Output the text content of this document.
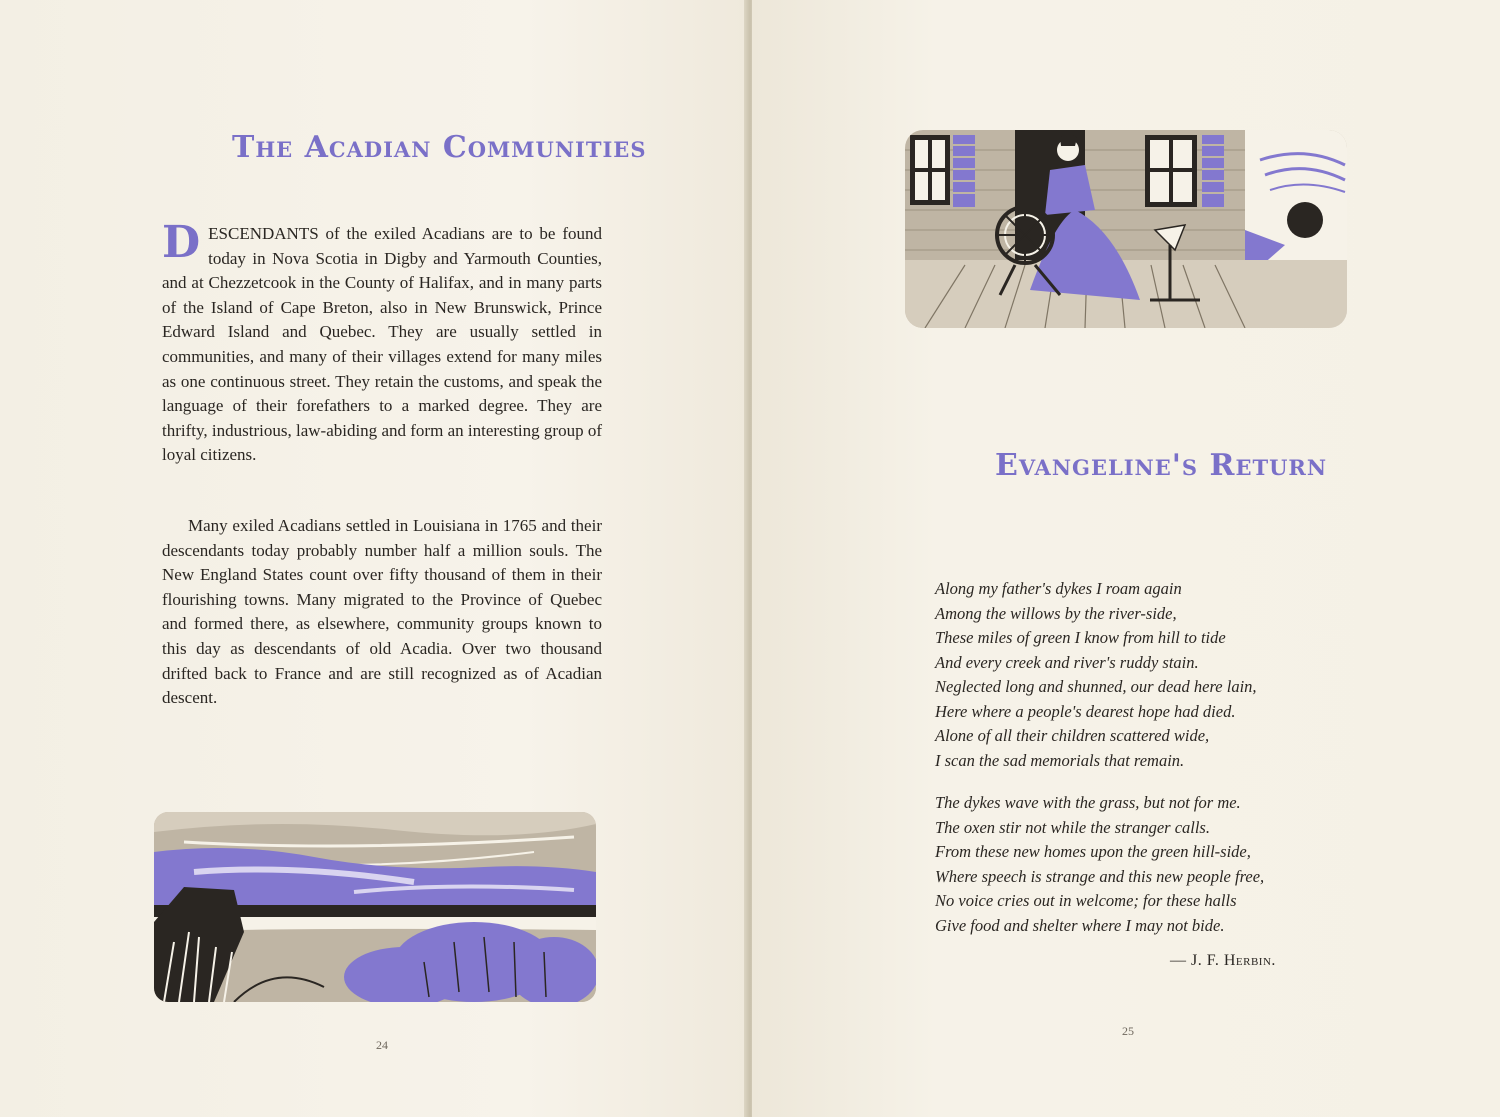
The Acadian Communities

DESCENDANTS of the exiled Acadians are to be found today in Nova Scotia in Digby and Yarmouth Counties, and at Chezzetcook in the County of Halifax, and in many parts of the Island of Cape Breton, also in New Brunswick, Prince Edward Island and Quebec. They are usually settled in communities, and many of their villages extend for many miles as one continuous street. They retain the customs, and speak the language of their forefathers to a marked degree. They are thrifty, industrious, law-abiding and form an interesting group of loyal citizens.

Many exiled Acadians settled in Louisiana in 1765 and their descendants today probably number half a million souls. The New England States count over fifty thousand of them in their flourishing towns. Many migrated to the Province of Quebec and formed there, as elsewhere, community groups known to this day as descendants of old Acadia. Over two thousand drifted back to France and are still recognized as of Acadian descent.

24
Evangeline's Return
Along my father's dykes I roam again
Among the willows by the river-side,
These miles of green I know from hill to tide
And every creek and river's ruddy stain.
Neglected long and shunned, our dead here lain,
Here where a people's dearest hope had died.
Alone of all their children scattered wide,
I scan the sad memorials that remain.
The dykes wave with the grass, but not for me.
The oxen stir not while the stranger calls.
From these new homes upon the green hill-side,
Where speech is strange and this new people free,
No voice cries out in welcome; for these halls
Give food and shelter where I may not bide.
— J. F. Herbin.
25
